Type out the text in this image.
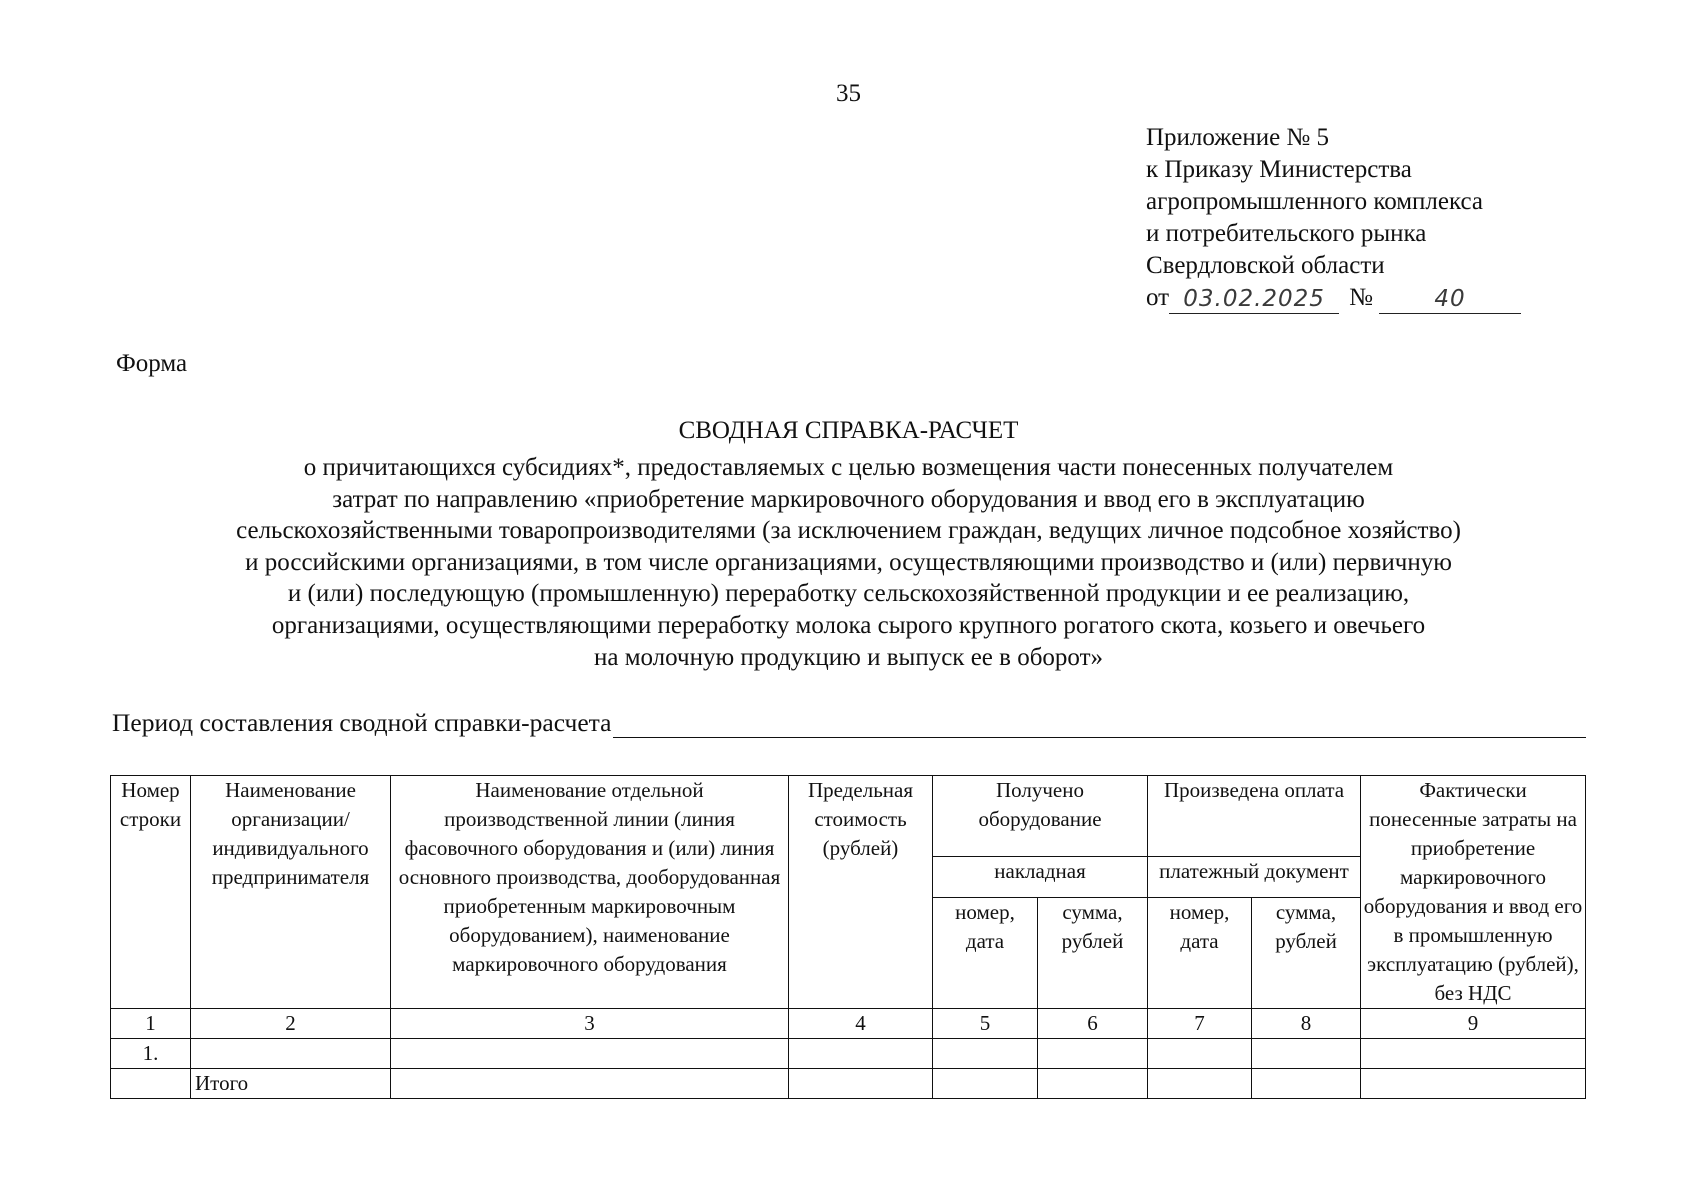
35
Приложение № 5
к Приказу Министерства
агропромышленного комплекса
и потребительского рынка
Свердловской области
от 03.02.2025 №	40
Форма
СВОДНАЯ СПРАВКА-РАСЧЕТ
о причитающихся субсидиях*, предоставляемых с целью возмещения части понесенных получателем
затрат по направлению «приобретение маркировочного оборудования и ввод его в эксплуатацию
сельскохозяйственными товаропроизводителями (за исключением граждан, ведущих личное подсобное хозяйство)
и российскими организациями, в том числе организациями, осуществляющими производство и (или) первичную
и (или) последующую (промышленную) переработку сельскохозяйственной продукции и ее реализацию,
организациями, осуществляющими переработку молока сырого крупного рогатого скота, козьего и овечьего
на молочную продукцию и выпуск ее в оборот»
Период составления сводной справки-расчета
Номер строки	Наименование организации/ индивидуального предпринимателя	Наименование отдельной производственной линии (линия фасовочного оборудования и (или) линия основного производства, дооборудованная приобретенным маркировочным оборудованием), наименование маркировочного оборудования	Предельная стоимость (рублей)	Получено оборудование		Произведена оплата		Фактически понесенные затраты на приобретение маркировочного оборудования и ввод его в промышленную эксплуатацию (рублей), без НДС
				накладная		платежный документ		
				номер, дата	сумма, рублей	номер, дата	сумма, рублей	
1	2	3	4	5	6	7	8	9
1.								
	Итого							
